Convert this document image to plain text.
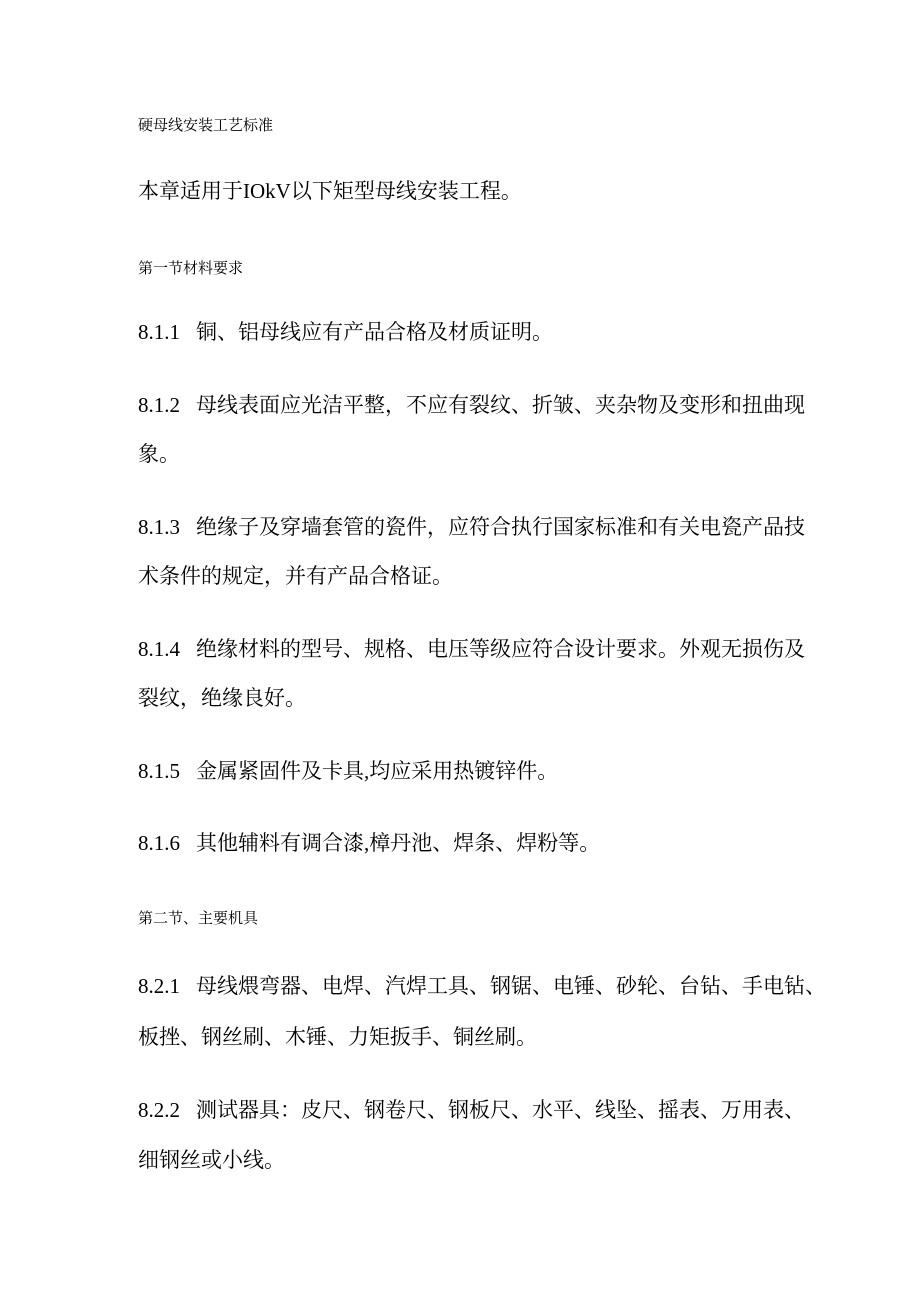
硬母线安装工艺标准
本章适用于IOkV以下矩型母线安装工程。
第一节材料要求
8.1.1 铜、铝母线应有产品合格及材质证明。
8.1.2 母线表面应光洁平整，不应有裂纹、折皱、夹杂物及变形和扭曲现
象。
8.1.3 绝缘子及穿墙套管的瓷件，应符合执行国家标准和有关电瓷产品技
术条件的规定，并有产品合格证。
8.1.4 绝缘材料的型号、规格、电压等级应符合设计要求。外观无损伤及
裂纹，绝缘良好。
8.1.5 金属紧固件及卡具,均应采用热镀锌件。
8.1.6 其他辅料有调合漆,樟丹池、焊条、焊粉等。
第二节、主要机具
8.2.1 母线煨弯器、电焊、汽焊工具、钢锯、电锤、砂轮、台钻、手电钻、
板挫、钢丝刷、木锤、力矩扳手、铜丝刷。
8.2.2 测试器具：皮尺、钢卷尺、钢板尺、水平、线坠、摇表、万用表、
细钢丝或小线。
